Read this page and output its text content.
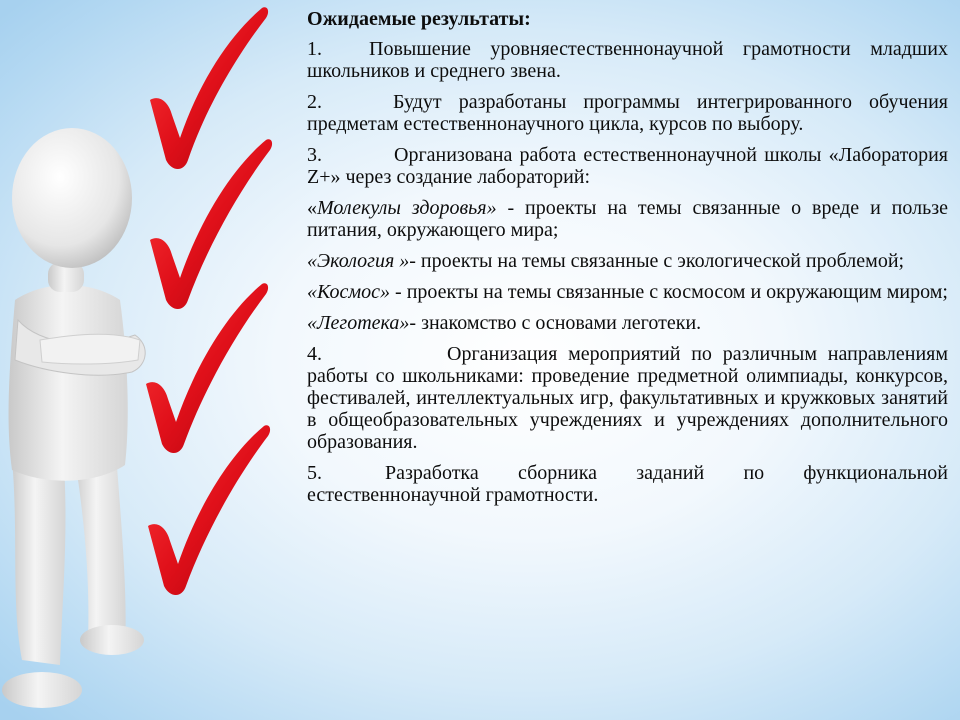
Ожидаемые результаты:

1. Повышение уровняестественнонаучной грамотности младших школьников и среднего звена.

2.	Будут разработаны программы интегрированного обучения предметам естественнонаучного цикла, курсов по выбору.

3.	Организована работа естественнонаучной школы «Лаборатория Z+» через создание лабораторий:

«Молекулы здоровья» - проекты на темы связанные о вреде и пользе питания, окружающего мира;

«Экология »- проекты на темы связанные с экологической проблемой;

«Космос» - проекты на темы связанные с космосом и окружающим миром;

«Леготека»- знакомство с основами леготеки.

4.	Организация мероприятий по различным направлениям работы со школьниками: проведение предметной олимпиады, конкурсов, фестивалей, интеллектуальных игр, факультативных и кружковых занятий в общеобразовательных учреждениях и учреждениях дополнительного образования.

5.	Разработка сборника заданий по функциональной естественнонаучной грамотности.
